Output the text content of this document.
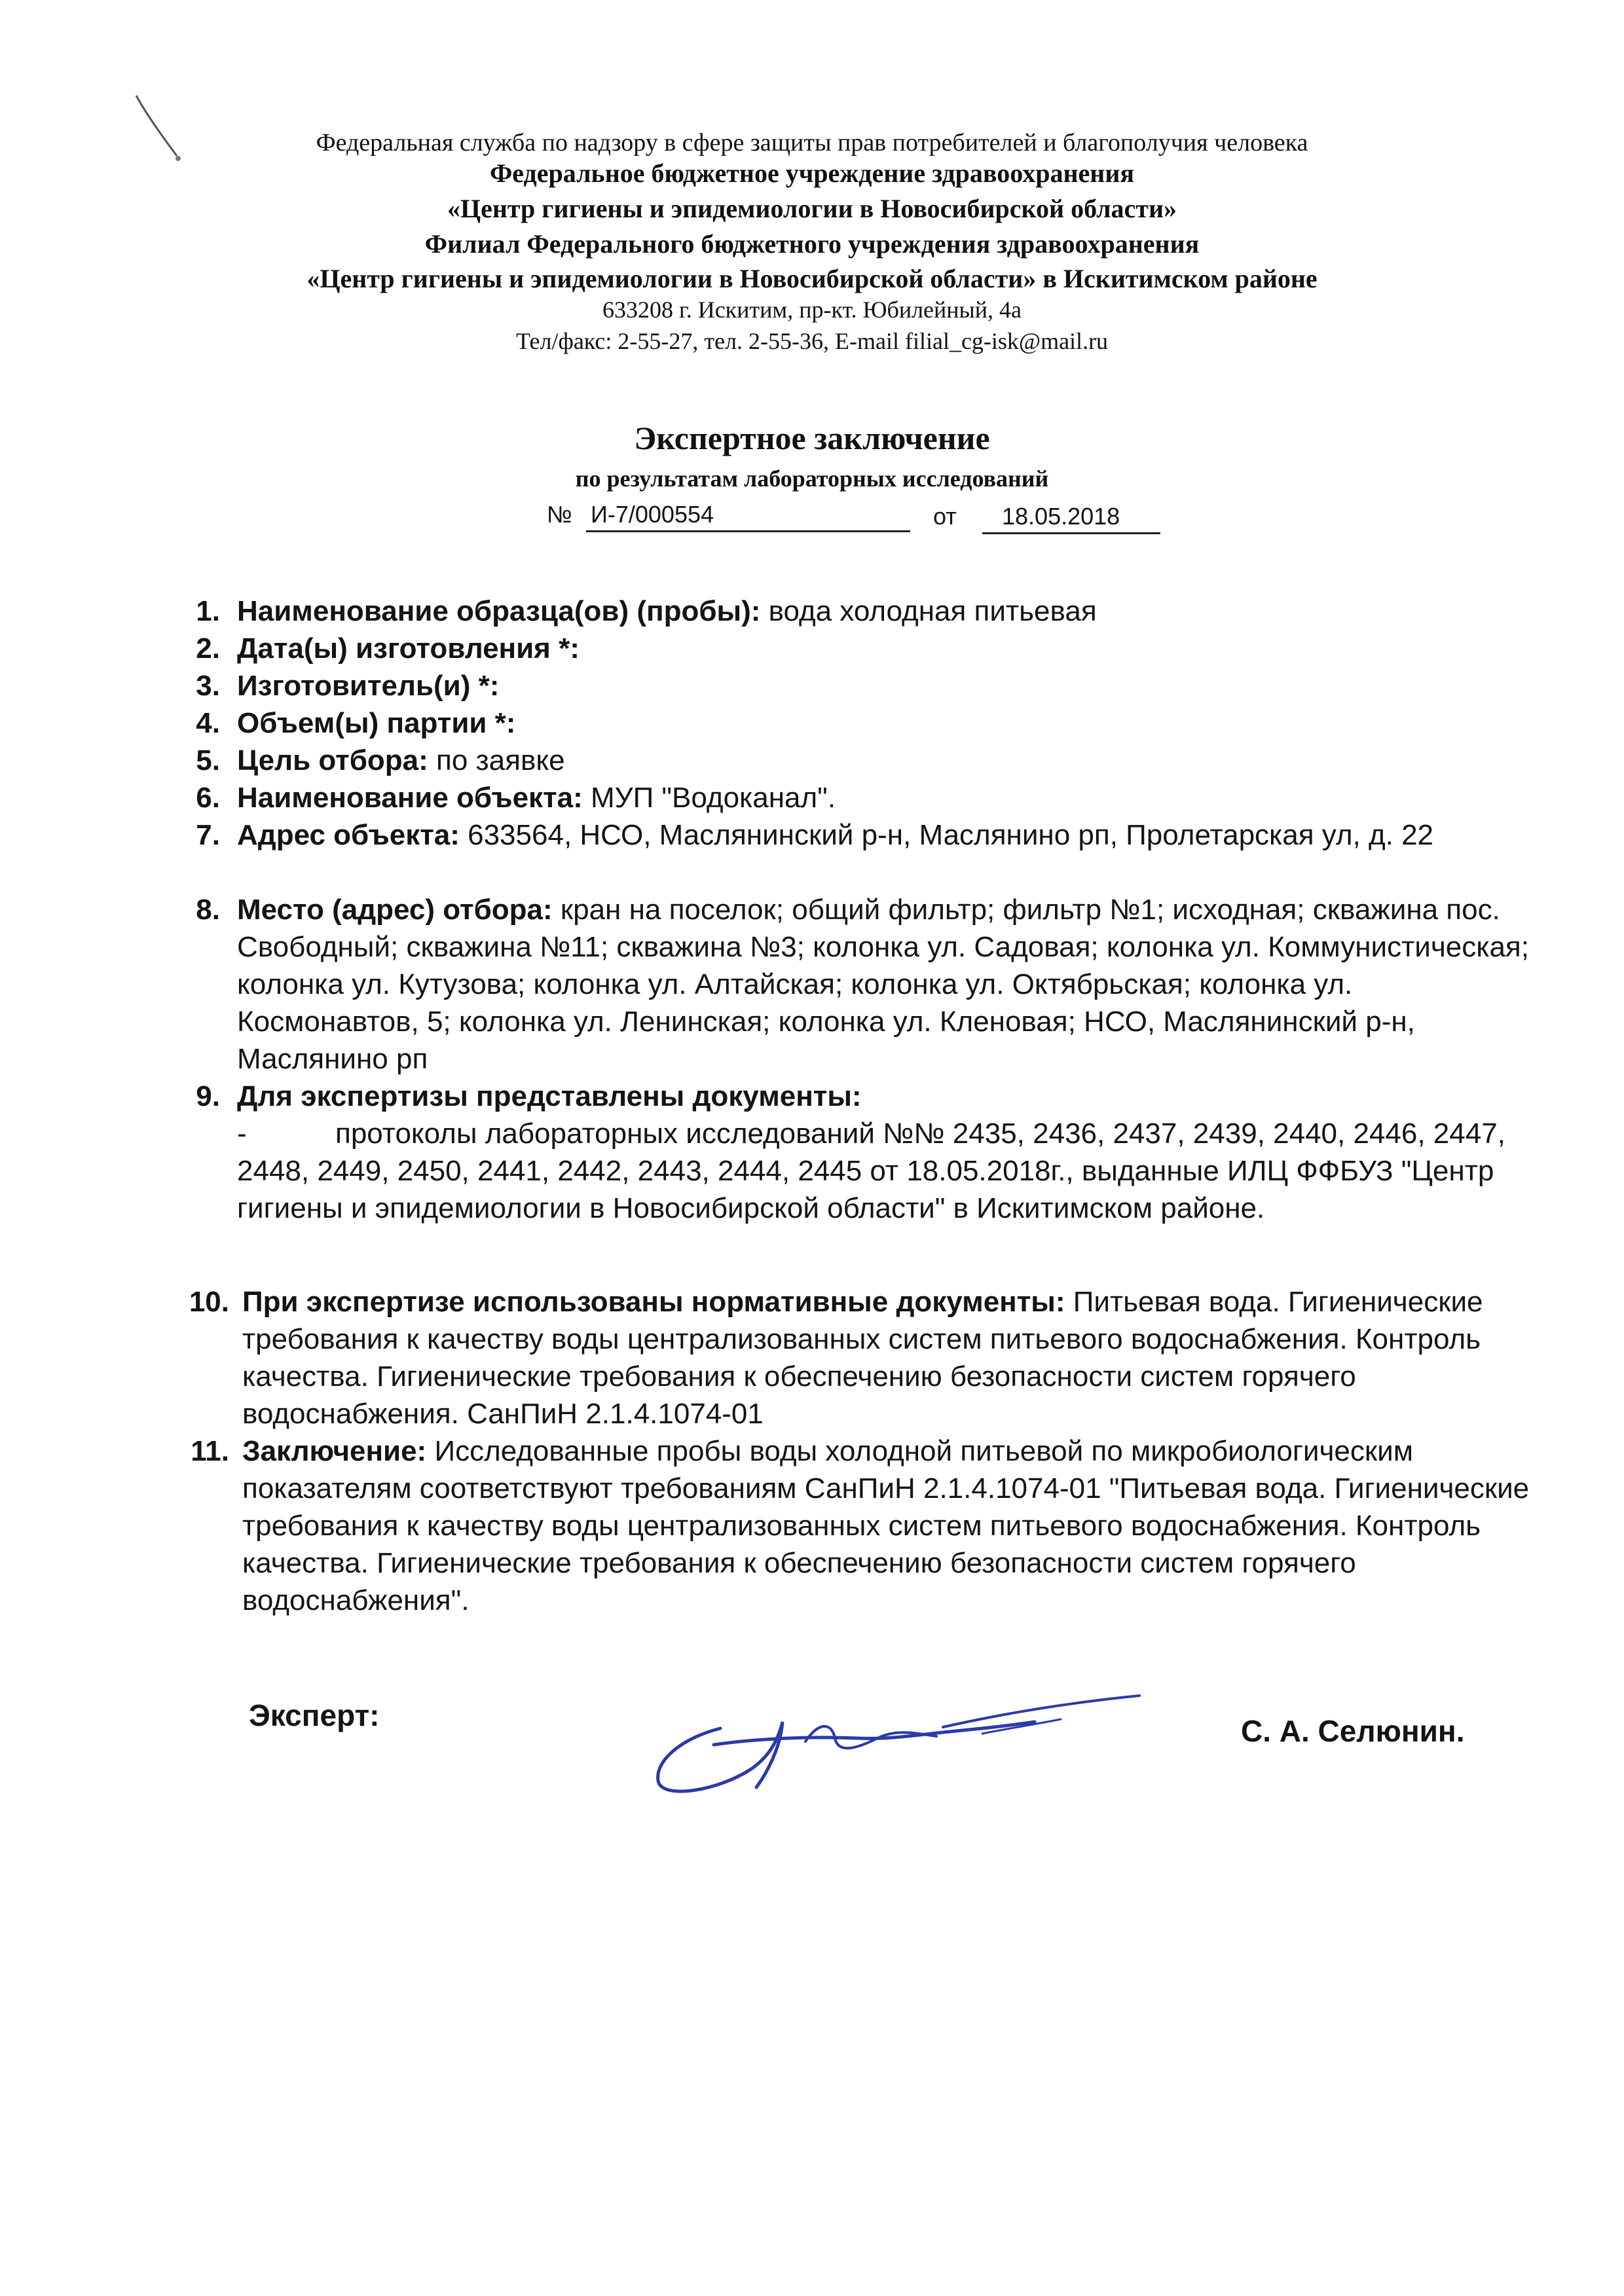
Федеральная служба по надзору в сфере защиты прав потребителей и благополучия человека
Федеральное бюджетное учреждение здравоохранения
«Центр гигиены и эпидемиологии в Новосибирской области»
Филиал Федерального бюджетного учреждения здравоохранения
«Центр гигиены и эпидемиологии в Новосибирской области» в Искитимском районе
633208 г. Искитим, пр-кт. Юбилейный, 4а
Тел/факс: 2-55-27, тел. 2-55-36, E-mail filial_cg-isk@mail.ru
Экспертное заключение
по результатам лабораторных исследований
№ И-7/000554	от 18.05.2018
1. Наименование образца(ов) (пробы): вода холодная питьевая
2. Дата(ы) изготовления *:
3. Изготовитель(и) *:
4. Объем(ы) партии *:
5. Цель отбора: по заявке
6. Наименование объекта: МУП "Водоканал".
7. Адрес объекта: 633564, НСО, Маслянинский р-н, Маслянино рп, Пролетарская ул, д. 22
8. Место (адрес) отбора: кран на поселок; общий фильтр; фильтр №1; исходная; скважина пос. Свободный; скважина №11; скважина №3; колонка ул. Садовая; колонка ул. Коммунистическая; колонка ул. Кутузова; колонка ул. Алтайская; колонка ул. Октябрьская; колонка ул. Космонавтов, 5; колонка ул. Ленинская; колонка ул. Кленовая; НСО, Маслянинский р-н, Маслянино рп
9. Для экспертизы представлены документы:
-	протоколы лабораторных исследований №№ 2435, 2436, 2437, 2439, 2440, 2446, 2447, 2448, 2449, 2450, 2441, 2442, 2443, 2444, 2445 от 18.05.2018г., выданные ИЛЦ ФФБУЗ "Центр гигиены и эпидемиологии в Новосибирской области" в Искитимском районе.
10. При экспертизе использованы нормативные документы: Питьевая вода. Гигиенические требования к качеству воды централизованных систем питьевого водоснабжения. Контроль качества. Гигиенические требования к обеспечению безопасности систем горячего водоснабжения. СанПиН 2.1.4.1074-01
11. Заключение: Исследованные пробы воды холодной питьевой по микробиологическим показателям соответствуют требованиям СанПиН 2.1.4.1074-01 "Питьевая вода. Гигиенические требования к качеству воды централизованных систем питьевого водоснабжения. Контроль качества. Гигиенические требования к обеспечению безопасности систем горячего водоснабжения".
Эксперт:	С. А. Селюнин.
